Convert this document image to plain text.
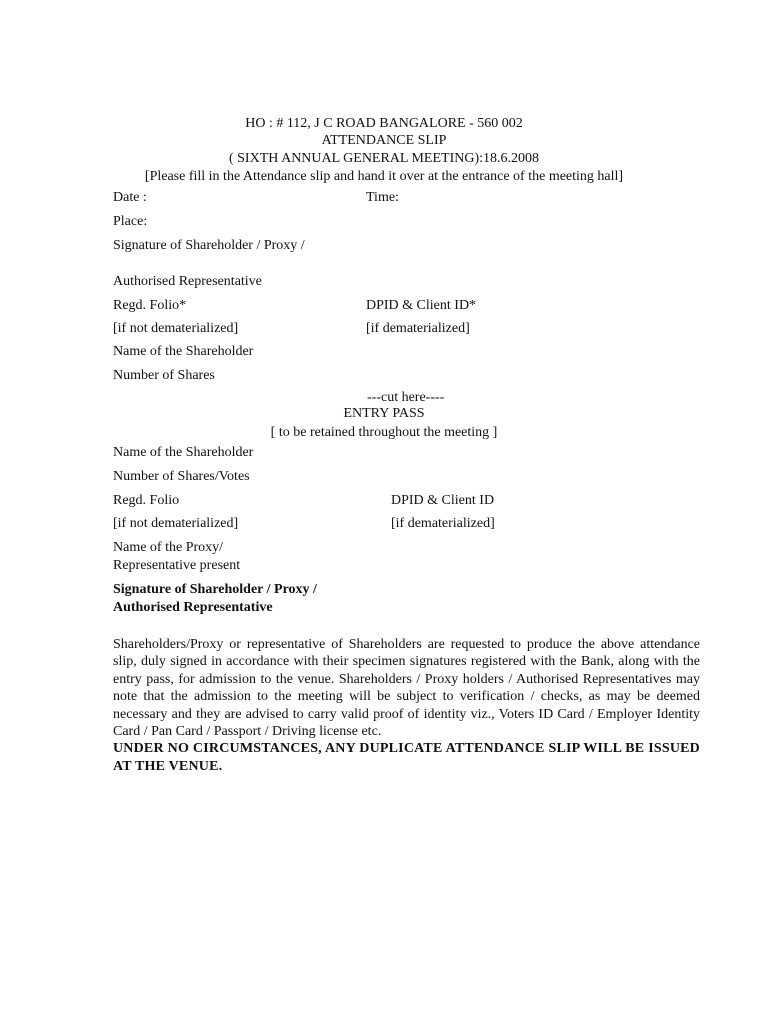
HO : # 112, J C ROAD BANGALORE - 560 002
ATTENDANCE SLIP
( SIXTH ANNUAL GENERAL MEETING):18.6.2008
[Please fill in the Attendance slip and hand it over at the entrance of the meeting hall]
Date :	Time:
Place:
Signature of Shareholder / Proxy /
Authorised Representative
Regd. Folio*	DPID & Client ID*
[if not dematerialized]	[if dematerialized]
Name of the Shareholder
Number of Shares
---cut here----
ENTRY PASS
[ to be retained throughout the meeting ]
Name of the Shareholder
Number of Shares/Votes
Regd. Folio	DPID & Client ID
[if not dematerialized]	[if dematerialized]
Name of the Proxy/
Representative present
Signature of Shareholder / Proxy /
Authorised Representative

Shareholders/Proxy or representative of Shareholders are requested to produce the above attendance slip, duly signed in accordance with their specimen signatures registered with the Bank, along with the entry pass, for admission to the venue. Shareholders / Proxy holders / Authorised Representatives may note that the admission to the meeting will be subject to verification / checks, as may be deemed necessary and they are advised to carry valid proof of identity viz., Voters ID Card / Employer Identity Card / Pan Card / Passport / Driving license etc.

UNDER NO CIRCUMSTANCES, ANY DUPLICATE ATTENDANCE SLIP WILL BE ISSUED AT THE VENUE.
